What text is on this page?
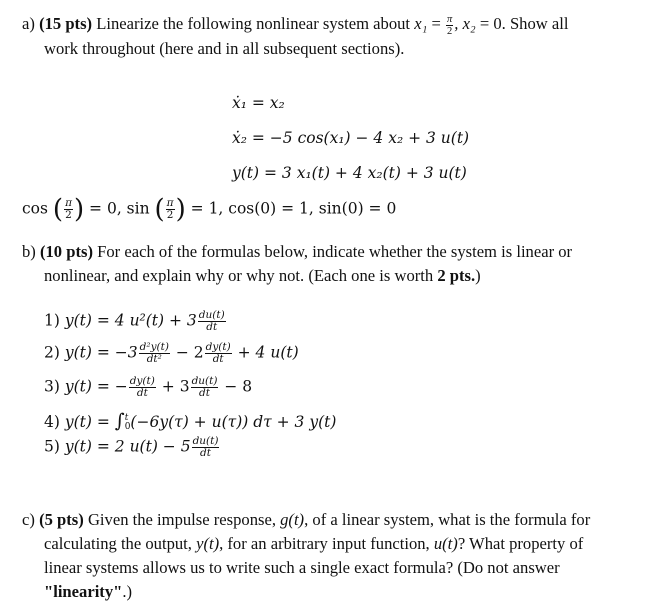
a) (15 pts) Linearize the following nonlinear system about $x_1 = \frac{\pi}{2}$ , x₂ = 0. Show all
work throughout (here and in all subsequent sections).
ẋ₁ = x₂
ẋ₂ = −5 cos(x₁) − 4 x₂ + 3 u(t)
y(t) = 3 x₁(t) + 4 x₂(t) + 3 u(t)
cos ( $\frac{\pi}{2}$ ) = 0, sin ( $\frac{\pi}{2}$ ) = 1, cos(0) = 1, sin(0) = 0
b) (10 pts) For each of the formulas below, indicate whether the system is linear or
nonlinear, and explain why or why not. (Each one is worth 2 pts.)
1) y(t) = 4 $u^2(t) + 3 \frac{du(t)}{dt}$
2) $y(t) = -3 \frac{\text{d²y(t)}}{\text{dt²}} - 2 \frac{dy(t)}{dt} + 4$ u(t)
3) y(t) = − $\frac{dy(t)}{dt} + 3 \frac{du(t)}{dt} - 8$
4) y(t) = ∫ t
0 (−6y(τ) + u(τ)) dτ + 3 y(t)
5) y(t) = 2 $u(t) - 5 \frac{du(t)}{dt}$
c) (5 pts) Given the impulse response, g(t), of a linear system, what is the formula for
calculating the output, y(t), for an arbitrary input function, u(t)? What property of
linear systems allows us to write such a single exact formula? (Do not answer
"linearity".)
